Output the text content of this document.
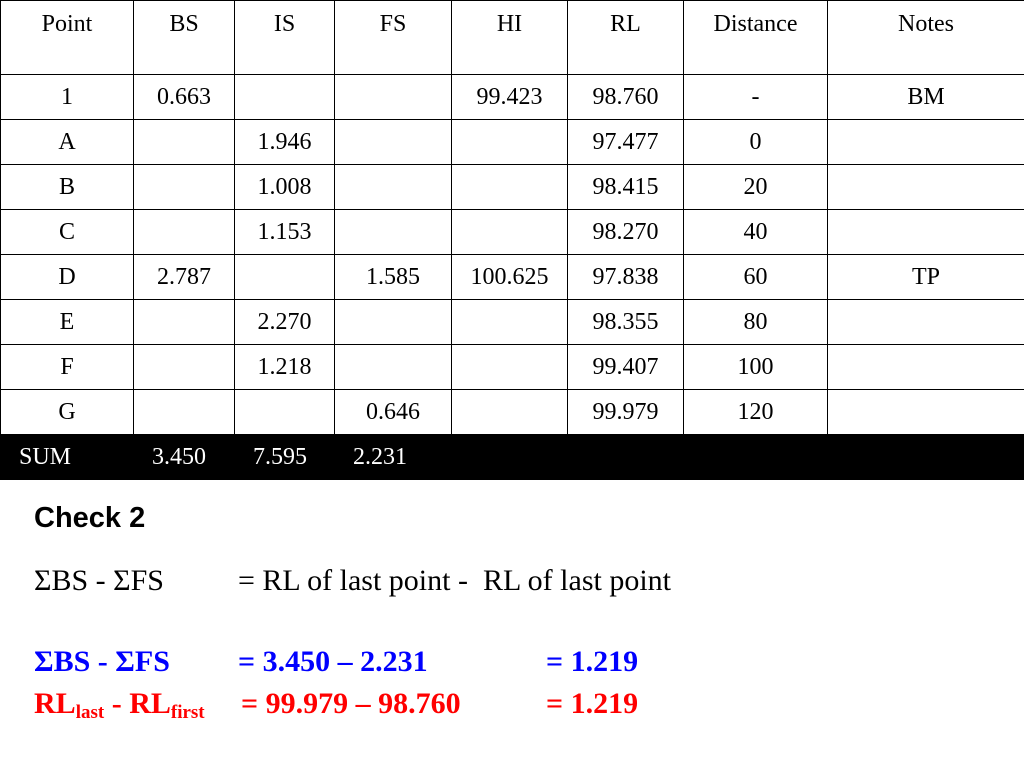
Point	BS	IS	FS	HI	RL	Distance	Notes
1	0.663			99.423	98.760	-	BM
A		1.946			97.477	0	
B		1.008			98.415	20	
C		1.153			98.270	40	
D	2.787		1.585	100.625	97.838	60	TP
E		2.270			98.355	80	
F		1.218			99.407	100	
G			0.646		99.979	120	
SUM	3.450	7.595	2.231				
Check 2
ΣBS - ΣFS = RL of last point -  RL of last point
ΣBS - ΣFS = 3.450 – 2.231	= 1.219
$RL_{last} - RL_{first} = 99.979 - 98.760$	= 1.219
